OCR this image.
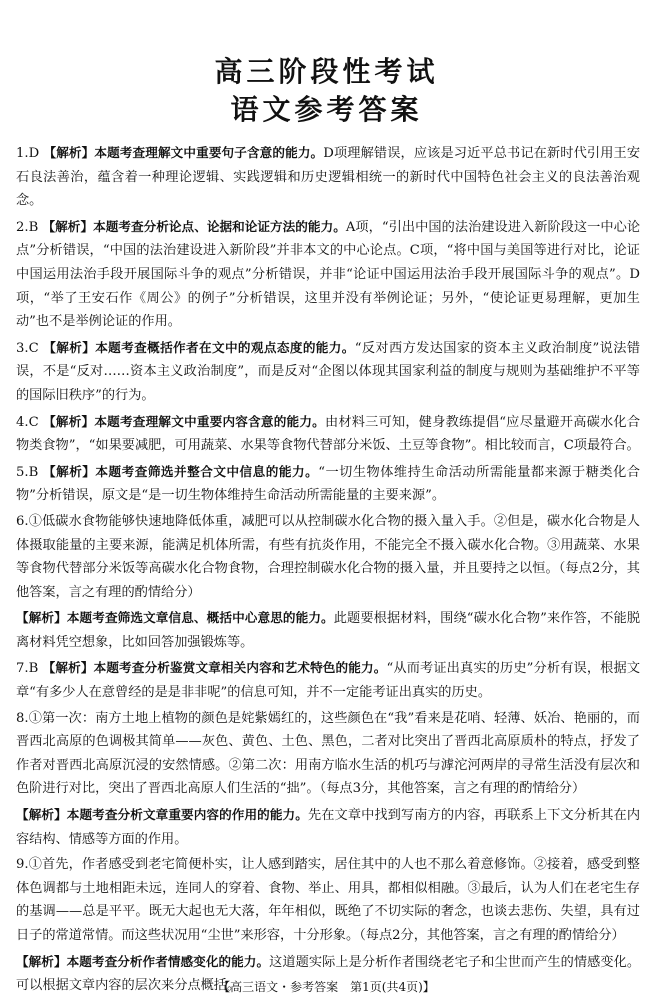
高三阶段性考试
语文参考答案

1.D 【解析】本题考查理解文中重要句子含意的能力。D项理解错误，应该是习近平总书记在新时代引用王安石良法善治，蕴含着一种理论逻辑、实践逻辑和历史逻辑相统一的新时代中国特色社会主义的良法善治观念。

2.B 【解析】本题考查分析论点、论据和论证方法的能力。A项，“引出中国的法治建设进入新阶段这一中心论点”分析错误，“中国的法治建设进入新阶段”并非本文的中心论点。C项，“将中国与美国等进行对比，论证中国运用法治手段开展国际斗争的观点”分析错误，并非“论证中国运用法治手段开展国际斗争的观点”。D项，“举了王安石作《周公》的例子”分析错误，这里并没有举例论证；另外，“使论证更易理解，更加生动”也不是举例论证的作用。

3.C 【解析】本题考查概括作者在文中的观点态度的能力。“反对西方发达国家的资本主义政治制度”说法错误，不是“反对……资本主义政治制度”，而是反对“企图以体现其国家利益的制度与规则为基础维护不平等的国际旧秩序”的行为。

4.C 【解析】本题考查理解文中重要内容含意的能力。由材料三可知，健身教练提倡“应尽量避开高碳水化合物类食物”，“如果要减肥，可用蔬菜、水果等食物代替部分米饭、土豆等食物”。相比较而言，C项最符合。

5.B 【解析】本题考查筛选并整合文中信息的能力。“一切生物体维持生命活动所需能量都来源于糖类化合物”分析错误，原文是“是一切生物体维持生命活动所需能量的主要来源”。

6.①低碳水食物能够快速地降低体重，减肥可以从控制碳水化合物的摄入量入手。②但是，碳水化合物是人体摄取能量的主要来源，能满足机体所需，有些有抗炎作用，不能完全不摄入碳水化合物。③用蔬菜、水果等食物代替部分米饭等高碳水化合物食物，合理控制碳水化合物的摄入量，并且要持之以恒。（每点2分，其他答案，言之有理的酌情给分）

【解析】本题考查筛选文章信息、概括中心意思的能力。此题要根据材料，围绕“碳水化合物”来作答，不能脱离材料凭空想象，比如回答加强锻炼等。

7.B 【解析】本题考查分析鉴赏文章相关内容和艺术特色的能力。“从而考证出真实的历史”分析有误，根据文章“有多少人在意曾经的是是非非呢”的信息可知，并不一定能考证出真实的历史。

8.①第一次：南方土地上植物的颜色是姹紫嫣红的，这些颜色在“我”看来是花哨、轻薄、妖冶、艳丽的，而晋西北高原的色调极其简单——灰色、黄色、土色、黑色，二者对比突出了晋西北高原质朴的特点，抒发了作者对晋西北高原沉浸的安然情感。②第二次：用南方临水生活的机巧与滹沱河两岸的寻常生活没有层次和色阶进行对比，突出了晋西北高原人们生活的“拙”。（每点3分，其他答案，言之有理的酌情给分）

【解析】本题考查分析文章重要内容的作用的能力。先在文章中找到写南方的内容，再联系上下文分析其在内容结构、情感等方面的作用。

9.①首先，作者感受到老宅简便朴实，让人感到踏实，居住其中的人也不那么着意修饰。②接着，感受到整体色调都与土地相距未远，连同人的穿着、食物、举止、用具，都相似相融。③最后，认为人们在老宅生存的基调——总是平平。既无大起也无大落，年年相似，既绝了不切实际的奢念，也谈去悲伤、失望，具有过日子的常道常情。而这些状况用“尘世”来形容，十分形象。（每点2分，其他答案，言之有理的酌情给分）

【解析】本题考查分析作者情感变化的能力。这道题实际上是分析作者围绕老宅子和尘世而产生的情感变化。可以根据文章内容的层次来分点概括。

【高三语文・参考答案　第1页(共4页)】
